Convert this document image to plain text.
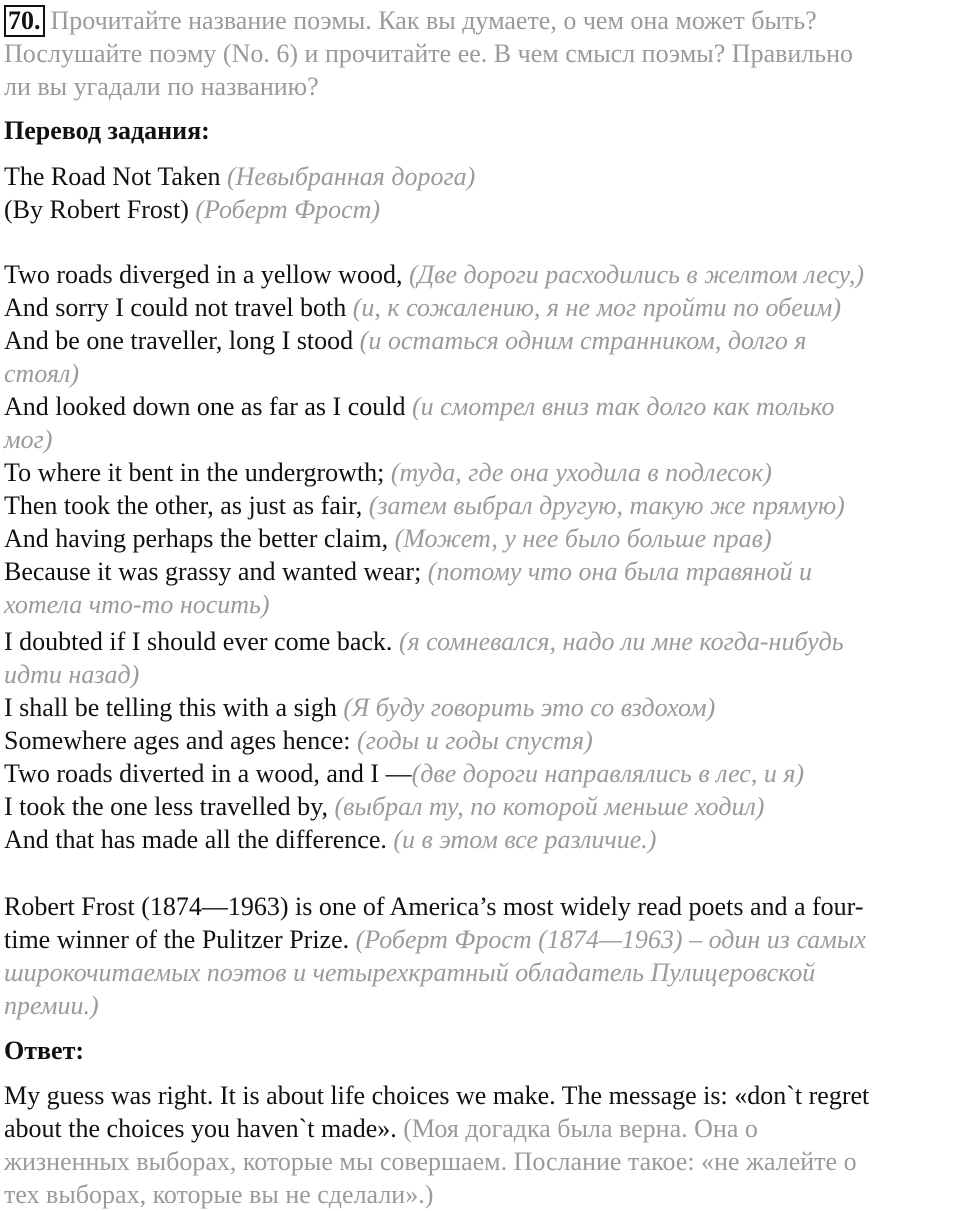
70. Прочитайте название поэмы. Как вы думаете, о чем она может быть?
Послушайте поэму (No. 6) и прочитайте ее. В чем смысл поэмы? Правильно
ли вы угадали по названию?
Перевод задания:
The Road Not Taken (Невыбранная дорога)
(By Robert Frost) (Роберт Фрост)
Two roads diverged in a yellow wood, (Две дороги расходились в желтом лесу,)
And sorry I could not travel both (и, к сожалению, я не мог пройти по обеим)
And be one traveller, long I stood (и остаться одним странником, долго я
стоял)
And looked down one as far as I could (и смотрел вниз так долго как только
мог)
To where it bent in the undergrowth; (туда, где она уходила в подлесок)
Then took the other, as just as fair, (затем выбрал другую, такую же прямую)
And having perhaps the better claim, (Может, у нее было больше прав)
Because it was grassy and wanted wear; (потому что она была травяной и
хотела что-то носить)
I doubted if I should ever come back. (я сомневался, надо ли мне когда-нибудь
идти назад)
I shall be telling this with a sigh (Я буду говорить это со вздохом)
Somewhere ages and ages hence: (годы и годы спустя)
Two roads diverted in a wood, and I —(две дороги направлялись в лес, и я)
I took the one less travelled by, (выбрал ту, по которой меньше ходил)
And that has made all the difference. (и в этом все различие.)
Robert Frost (1874—1963) is one of America’s most widely read poets and a four-
time winner of the Pulitzer Prize. (Роберт Фрост (1874—1963) – один из самых
широкочитаемых поэтов и четырехкратный обладатель Пулицеровской
премии.)
Ответ:
My guess was right. It is about life choices we make. The message is: «don`t regret
about the choices you haven`t made». (Моя догадка была верна. Она о
жизненных выборах, которые мы совершаем. Послание такое: «не жалейте о
тех выборах, которые вы не сделали».)
